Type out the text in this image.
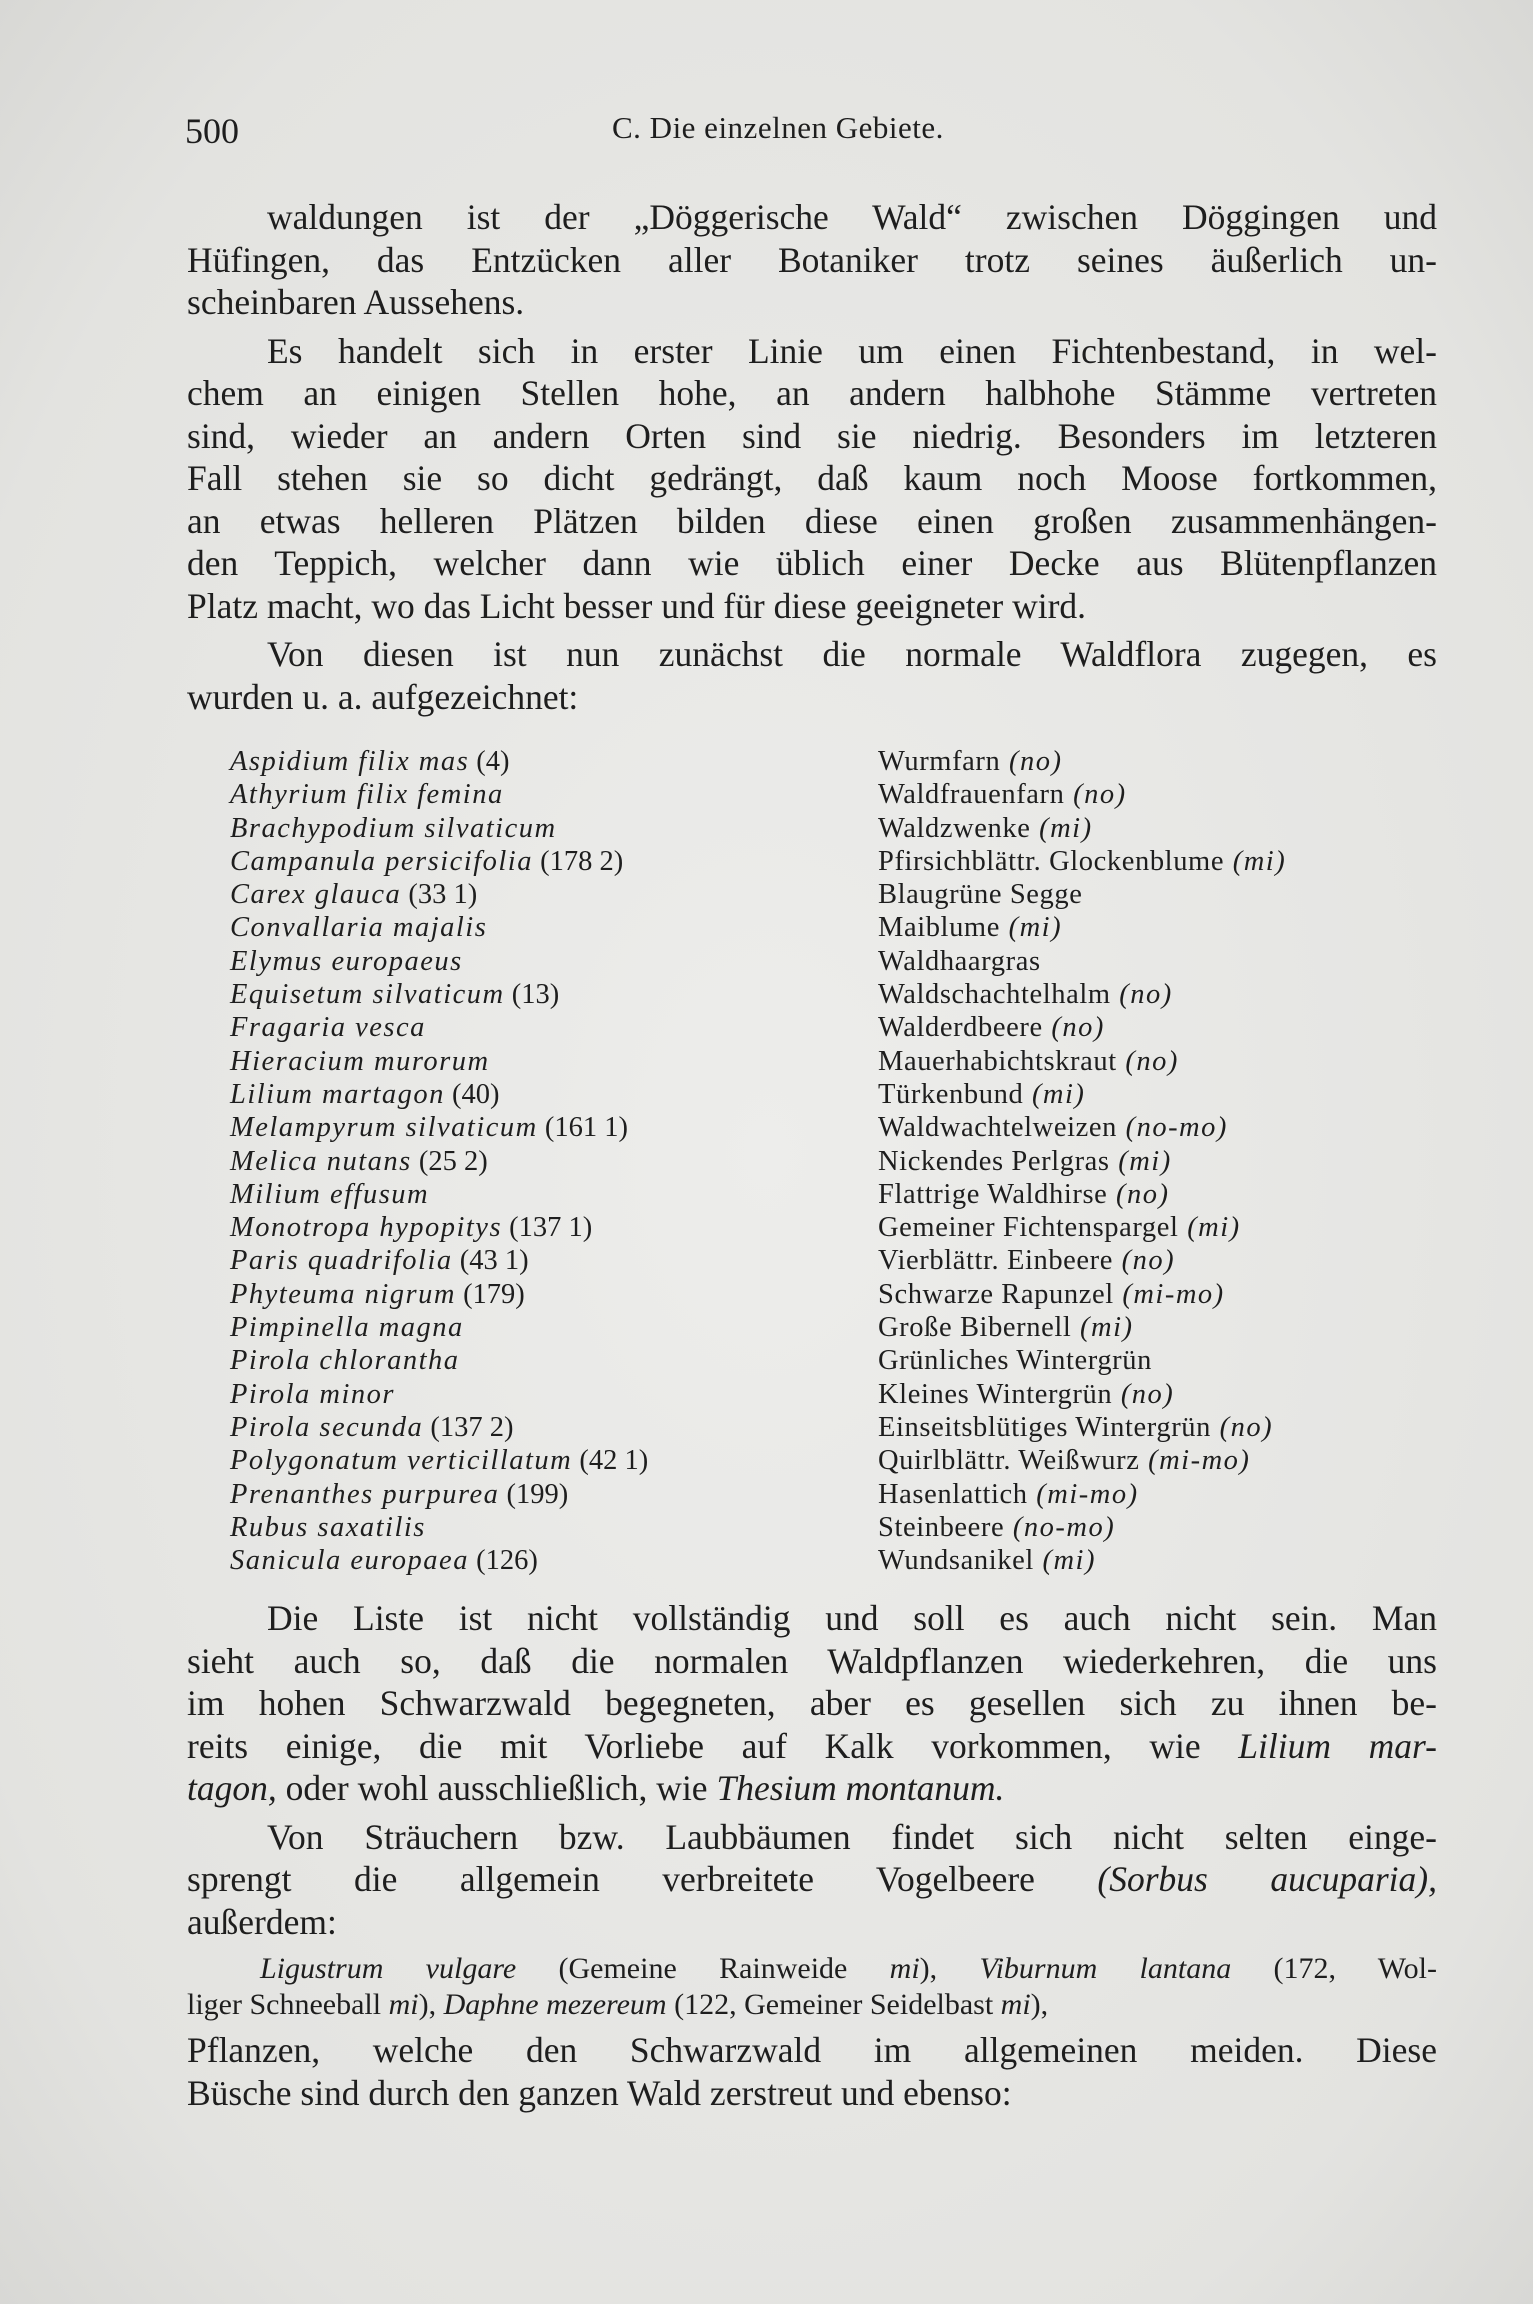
500	C. Die einzelnen Gebiete.
waldungen ist der „Döggerische Wald“ zwischen Döggingen und
Hüfingen, das Entzücken aller Botaniker trotz seines äußerlich un-
scheinbaren Aussehens.
Es handelt sich in erster Linie um einen Fichtenbestand, in wel-
chem an einigen Stellen hohe, an andern halbhohe Stämme vertreten
sind, wieder an andern Orten sind sie niedrig. Besonders im letzteren
Fall stehen sie so dicht gedrängt, daß kaum noch Moose fortkommen,
an etwas helleren Plätzen bilden diese einen großen zusammenhängen-
den Teppich, welcher dann wie üblich einer Decke aus Blütenpflanzen
Platz macht, wo das Licht besser und für diese geeigneter wird.
Von diesen ist nun zunächst die normale Waldflora zugegen, es
wurden u. a. aufgezeichnet:
Aspidium filix mas (4)	Wurmfarn (no)
Athyrium filix femina	Waldfrauenfarn (no)
Brachypodium silvaticum	Waldzwenke (mi)
Campanula persicifolia (178 2)	Pfirsichblättr. Glockenblume (mi)
Carex glauca (33 1)	Blaugrüne Segge
Convallaria majalis	Maiblume (mi)
Elymus europaeus	Waldhaargras
Equisetum silvaticum (13)	Waldschachtelhalm (no)
Fragaria vesca	Walderdbeere (no)
Hieracium murorum	Mauerhabichtskraut (no)
Lilium martagon (40)	Türkenbund (mi)
Melampyrum silvaticum (161 1)	Waldwachtelweizen (no-mo)
Melica nutans (25 2)	Nickendes Perlgras (mi)
Milium effusum	Flattrige Waldhirse (no)
Monotropa hypopitys (137 1)	Gemeiner Fichtenspargel (mi)
Paris quadrifolia (43 1)	Vierblättr. Einbeere (no)
Phyteuma nigrum (179)	Schwarze Rapunzel (mi-mo)
Pimpinella magna	Große Bibernell (mi)
Pirola chlorantha	Grünliches Wintergrün
Pirola minor	Kleines Wintergrün (no)
Pirola secunda (137 2)	Einseitsblütiges Wintergrün (no)
Polygonatum verticillatum (42 1)	Quirlblättr. Weißwurz (mi-mo)
Prenanthes purpurea (199)	Hasenlattich (mi-mo)
Rubus saxatilis	Steinbeere (no-mo)
Sanicula europaea (126)	Wundsanikel (mi)
Die Liste ist nicht vollständig und soll es auch nicht sein. Man
sieht auch so, daß die normalen Waldpflanzen wiederkehren, die uns
im hohen Schwarzwald begegneten, aber es gesellen sich zu ihnen be-
reits einige, die mit Vorliebe auf Kalk vorkommen, wie Lilium mar-
tagon, oder wohl ausschließlich, wie Thesium montanum.
Von Sträuchern bzw. Laubbäumen findet sich nicht selten einge-
sprengt die allgemein verbreitete Vogelbeere (Sorbus aucuparia),
außerdem:
Ligustrum vulgare (Gemeine Rainweide mi), Viburnum lantana (172, Wol-
liger Schneeball mi), Daphne mezereum (122, Gemeiner Seidelbast mi),
Pflanzen, welche den Schwarzwald im allgemeinen meiden. Diese
Büsche sind durch den ganzen Wald zerstreut und ebenso:
